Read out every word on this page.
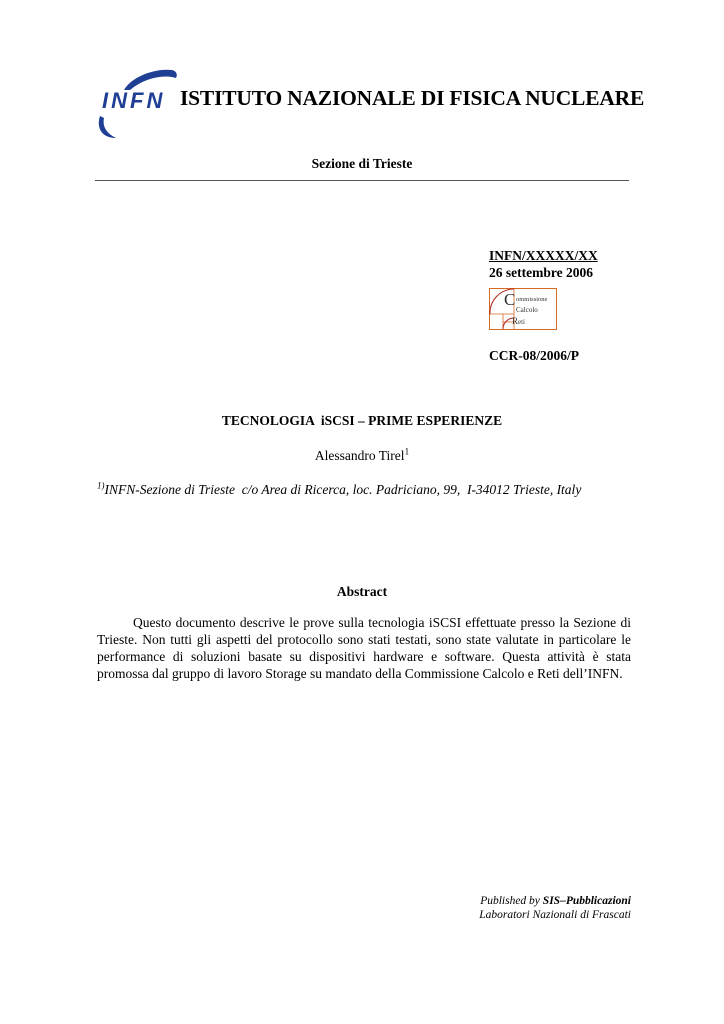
INFN ISTITUTO NAZIONALE DI FISICA NUCLEARE
Sezione di Trieste
INFN/XXXXX/XX
26 settembre 2006
C ommissione
Calcolo
R eti
CCR-08/2006/P
TECNOLOGIA  iSCSI – PRIME ESPERIENZE
Alessandro Tirel$^1$
$^{1)}$INFN-Sezione di Trieste  c/o Area di Ricerca, loc. Padriciano, 99,  I-34012 Trieste, Italy
Abstract

Questo documento descrive le prove sulla tecnologia iSCSI effettuate presso la Sezione di Trieste. Non tutti gli aspetti del protocollo sono stati testati, sono state valutate in particolare le performance di soluzioni basate su dispositivi hardware e software. Questa attività è stata promossa dal gruppo di lavoro Storage su mandato della Commissione Calcolo e Reti dell’INFN.

Published by SIS–Pubblicazioni
Laboratori Nazionali di Frascati
